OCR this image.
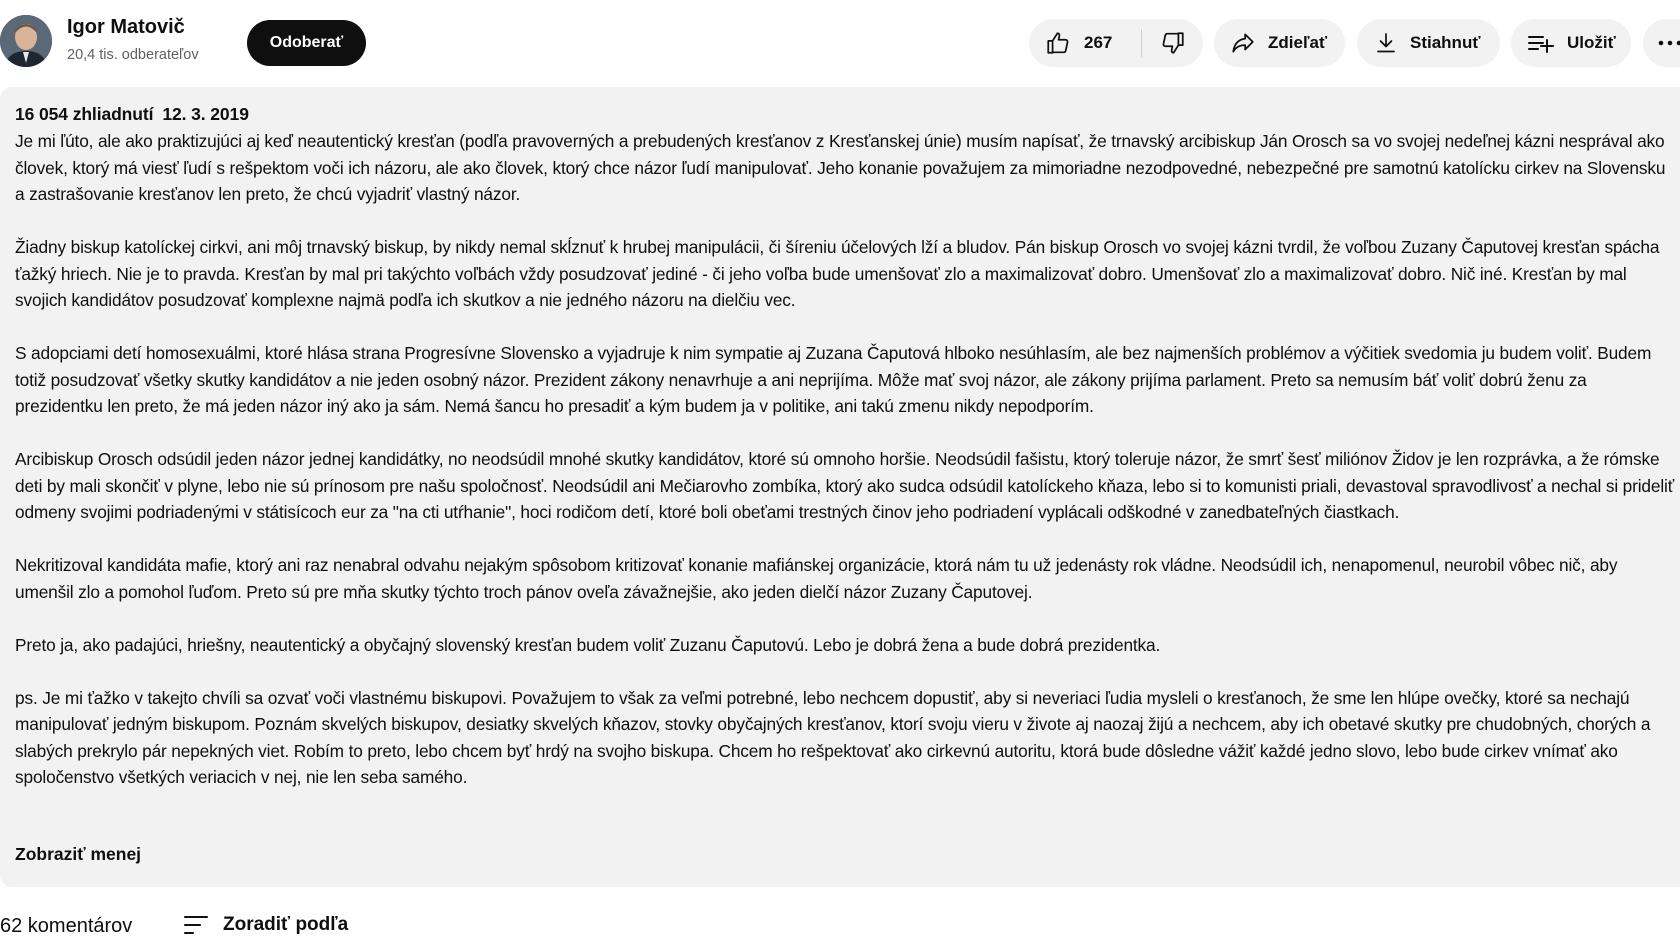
Igor Matovič
20,4 tis. odberateľov
Odoberať	267	Zdieľať	Stiahnuť	Uložiť
16 054 zhliadnutí 12. 3. 2019

Je mi ľúto, ale ako praktizujúci aj keď neautentický kresťan (podľa pravoverných a prebudených kresťanov z Kresťanskej únie) musím napísať, že trnavský arcibiskup Ján Orosch sa vo svojej nedeľnej kázni nesprával ako človek, ktorý má viesť ľudí s rešpektom voči ich názoru, ale ako človek, ktorý chce názor ľudí manipulovať. Jeho konanie považujem za mimoriadne nezodpovedné, nebezpečné pre samotnú katolícku cirkev na Slovensku a zastrašovanie kresťanov len preto, že chcú vyjadriť vlastný názor.

Žiadny biskup katolíckej cirkvi, ani môj trnavský biskup, by nikdy nemal skĺznuť k hrubej manipulácii, či šíreniu účelových lží a bludov. Pán biskup Orosch vo svojej kázni tvrdil, že voľbou Zuzany Čaputovej kresťan spácha ťažký hriech. Nie je to pravda. Kresťan by mal pri takýchto voľbách vždy posudzovať jediné - či jeho voľba bude umenšovať zlo a maximalizovať dobro. Umenšovať zlo a maximalizovať dobro. Nič iné. Kresťan by mal svojich kandidátov posudzovať komplexne najmä podľa ich skutkov a nie jedného názoru na dielčiu vec.

S adopciami detí homosexuálmi, ktoré hlása strana Progresívne Slovensko a vyjadruje k nim sympatie aj Zuzana Čaputová hlboko nesúhlasím, ale bez najmenších problémov a výčitiek svedomia ju budem voliť. Budem totiž posudzovať všetky skutky kandidátov a nie jeden osobný názor. Prezident zákony nenavrhuje a ani neprijíma. Môže mať svoj názor, ale zákony prijíma parlament. Preto sa nemusím báť voliť dobrú ženu za prezidentku len preto, že má jeden názor iný ako ja sám. Nemá šancu ho presadiť a kým budem ja v politike, ani takú zmenu nikdy nepodporím.

Arcibiskup Orosch odsúdil jeden názor jednej kandidátky, no neodsúdil mnohé skutky kandidátov, ktoré sú omnoho horšie. Neodsúdil fašistu, ktorý toleruje názor, že smrť šesť miliónov Židov je len rozprávka, a že rómske deti by mali skončiť v plyne, lebo nie sú prínosom pre našu spoločnosť. Neodsúdil ani Mečiarovho zombíka, ktorý ako sudca odsúdil katolíckeho kňaza, lebo si to komunisti priali, devastoval spravodlivosť a nechal si prideliť odmeny svojimi podriadenými v státisícoch eur za "na cti utŕhanie", hoci rodičom detí, ktoré boli obeťami trestných činov jeho podriadení vyplácali odškodné v zanedbateľných čiastkach.

Nekritizoval kandidáta mafie, ktorý ani raz nenabral odvahu nejakým spôsobom kritizovať konanie mafiánskej organizácie, ktorá nám tu už jedenásty rok vládne. Neodsúdil ich, nenapomenul, neurobil vôbec nič, aby umenšil zlo a pomohol ľuďom. Preto sú pre mňa skutky týchto troch pánov oveľa závažnejšie, ako jeden dielčí názor Zuzany Čaputovej.

Preto ja, ako padajúci, hriešny, neautentický a obyčajný slovenský kresťan budem voliť Zuzanu Čaputovú. Lebo je dobrá žena a bude dobrá prezidentka.

ps. Je mi ťažko v takejto chvíli sa ozvať voči vlastnému biskupovi. Považujem to však za veľmi potrebné, lebo nechcem dopustiť, aby si neveriaci ľudia mysleli o kresťanoch, že sme len hlúpe ovečky, ktoré sa nechajú manipulovať jedným biskupom. Poznám skvelých biskupov, desiatky skvelých kňazov, stovky obyčajných kresťanov, ktorí svoju vieru v živote aj naozaj žijú a nechcem, aby ich obetavé skutky pre chudobných, chorých a slabých prekrylo pár nepekných viet. Robím to preto, lebo chcem byť hrdý na svojho biskupa. Chcem ho rešpektovať ako cirkevnú autoritu, ktorá bude dôsledne vážiť každé jedno slovo, lebo bude cirkev vnímať ako spoločenstvo všetkých veriacich v nej, nie len seba samého.

Zobraziť menej
62 komentárov	Zoradiť podľa
